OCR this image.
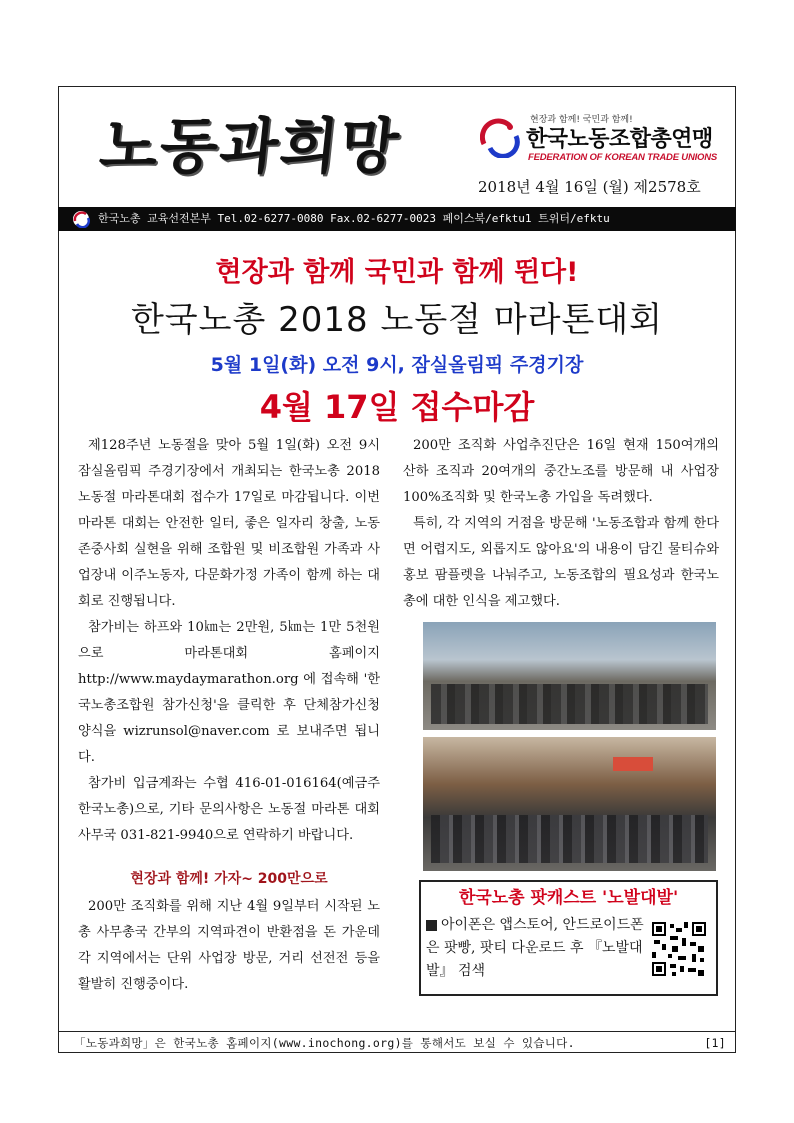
노동과희망	현장과 함께! 국민과 함께!
한국노동조합총연맹
FEDERATION OF KOREAN TRADE UNIONS
2018년 4월 16일 (월) 제2578호
한국노총 교육선전본부 Tel.02-6277-0080 Fax.02-6277-0023 페이스북/efktu1 트위터/efktu
현장과 함께 국민과 함께 뛴다!
한국노총 2018 노동절 마라톤대회
5월 1일(화) 오전 9시, 잠실올림픽 주경기장
4월 17일 접수마감

제128주년 노동절을 맞아 5월 1일(화) 오전 9시 잠실올림픽 주경기장에서 개최되는 한국노총 2018 노동절 마라톤대회 접수가 17일로 마감됩니다. 이번 마라톤 대회는 안전한 일터, 좋은 일자리 창출, 노동존중사회 실현을 위해 조합원 및 비조합원 가족과 사업장내 이주노동자, 다문화가정 가족이 함께 하는 대회로 진행됩니다.

참가비는 하프와 10㎞는 2만원, 5㎞는 1만 5천원으로 마라톤대회 홈페이지 http://www.maydaymarathon.org 에 접속해 '한국노총조합원 참가신청'을 클릭한 후 단체참가신청 양식을 wizrunsol@naver.com 로 보내주면 됩니다.

참가비 입금계좌는 수협 416-01-016164(예금주 한국노총)으로, 기타 문의사항은 노동절 마라톤 대회사무국 031-821-9940으로 연락하기 바랍니다.

현장과 함께! 가자~ 200만으로

200만 조직화를 위해 지난 4월 9일부터 시작된 노총 사무총국 간부의 지역파견이 반환점을 돈 가운데 각 지역에서는 단위 사업장 방문, 거리 선전전 등을 활발히 진행중이다.

200만 조직화 사업추진단은 16일 현재 150여개의 산하 조직과 20여개의 중간노조를 방문해 내 사업장 100%조직화 및 한국노총 가입을 독려했다.

특히, 각 지역의 거점을 방문해 '노동조합과 함께 한다면 어렵지도, 외롭지도 않아요'의 내용이 담긴 물티슈와 홍보 팜플렛을 나눠주고, 노동조합의 필요성과 한국노총에 대한 인식을 제고했다.

한국노총 팟캐스트 '노발대발'
아이폰은 앱스토어, 안드로이드폰은 팟빵, 팟티 다운로드 후 『노발대발』 검색
「노동과희망」은 한국노총 홈페이지(www.inochong.org)를 통해서도 보실 수 있습니다.	[1]
